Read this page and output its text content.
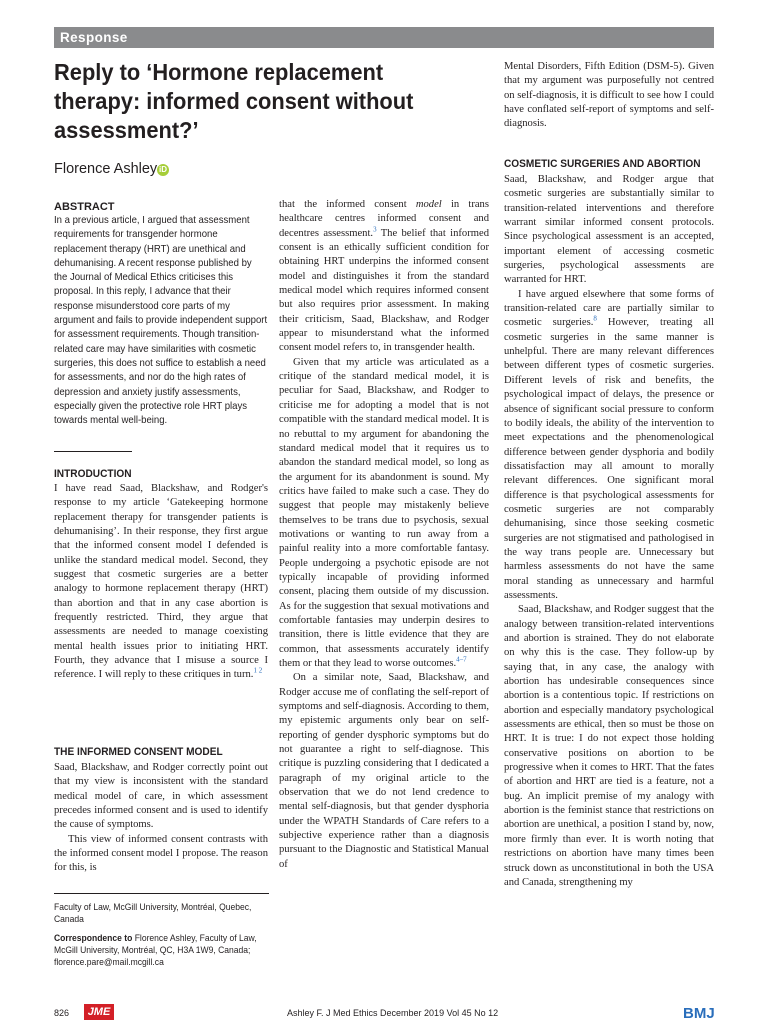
Response
Reply to ‘Hormone replacement therapy: informed consent without assessment?’
Florence Ashley iD
ABSTRACT

In a previous article, I argued that assessment requirements for transgender hormone replacement therapy (HRT) are unethical and dehumanising. A recent response published by the Journal of Medical Ethics criticises this proposal. In this reply, I advance that their response misunderstood core parts of my argument and fails to provide independent support for assessment requirements. Though transition-related care may have similarities with cosmetic surgeries, this does not suffice to establish a need for assessments, and nor do the high rates of depression and anxiety justify assessments, especially given the protective role HRT plays towards mental well-being.

INTRODUCTION

I have read Saad, Blackshaw, and Rodger's response to my article ‘Gatekeeping hormone replacement therapy for transgender patients is dehumanising’. In their response, they first argue that the informed consent model I defended is unlike the standard medical model. Second, they suggest that cosmetic surgeries are a better analogy to hormone replacement therapy (HRT) than abortion and that in any case abortion is frequently restricted. Third, they argue that assessments are needed to manage coexisting mental health issues prior to initiating HRT. Fourth, they advance that I misuse a source I reference. I will reply to these critiques in turn.$^{1 2}$

THE INFORMED CONSENT MODEL

Saad, Blackshaw, and Rodger correctly point out that my view is inconsistent with the standard medical model of care, in which assessment precedes informed consent and is used to identify the cause of symptoms.

This view of informed consent contrasts with the informed consent model I propose. The reason for this, is

Faculty of Law, McGill University, Montréal, Quebec, Canada

Correspondence to Florence Ashley, Faculty of Law, McGill University, Montréal, QC, H3A 1W9, Canada; florence.pare@mail.mcgill.ca

that the informed consent model in trans healthcare centres informed consent and decentres assessment.$^3$ The belief that informed consent is an ethically sufficient condition for obtaining HRT underpins the informed consent model and distinguishes it from the standard medical model which requires informed consent but also requires prior assessment. In making their criticism, Saad, Blackshaw, and Rodger appear to misunderstand what the informed consent model refers to, in transgender health.

Given that my article was articulated as a critique of the standard medical model, it is peculiar for Saad, Blackshaw, and Rodger to criticise me for adopting a model that is not compatible with the standard medical model. It is no rebuttal to my argument for abandoning the standard medical model that it requires us to abandon the standard medical model, so long as the argument for its abandonment is sound. My critics have failed to make such a case. They do suggest that people may mistakenly believe themselves to be trans due to psychosis, sexual motivations or wanting to run away from a painful reality into a more comfortable fantasy. People undergoing a psychotic episode are not typically incapable of providing informed consent, placing them outside of my discussion. As for the suggestion that sexual motivations and comfortable fantasies may underpin desires to transition, there is little evidence that they are common, that assessments accurately identify them or that they lead to worse outcomes.$^{4-7}$

On a similar note, Saad, Blackshaw, and Rodger accuse me of conflating the self-report of symptoms and self-diagnosis. According to them, my epistemic arguments only bear on self-reporting of gender dysphoric symptoms but do not guarantee a right to self-diagnose. This critique is puzzling considering that I dedicated a paragraph of my original article to the observation that we do not lend credence to mental self-diagnosis, but that gender dysphoria under the WPATH Standards of Care refers to a subjective experience rather than a diagnosis pursuant to the Diagnostic and Statistical Manual of

Mental Disorders, Fifth Edition (DSM-5). Given that my argument was purposefully not centred on self-diagnosis, it is difficult to see how I could have conflated self-report of symptoms and self-diagnosis.

COSMETIC SURGERIES AND ABORTION

Saad, Blackshaw, and Rodger argue that cosmetic surgeries are substantially similar to transition-related interventions and therefore warrant similar informed consent protocols. Since psychological assessment is an accepted, important element of accessing cosmetic surgeries, psychological assessments are warranted for HRT.

I have argued elsewhere that some forms of transition-related care are partially similar to cosmetic surgeries.$^8$ However, treating all cosmetic surgeries in the same manner is unhelpful. There are many relevant differences between different types of cosmetic surgeries. Different levels of risk and benefits, the psychological impact of delays, the presence or absence of significant social pressure to conform to bodily ideals, the ability of the intervention to meet expectations and the phenomenological difference between gender dysphoria and bodily dissatisfaction may all amount to morally relevant differences. One significant moral difference is that psychological assessments for cosmetic surgeries are not comparably dehumanising, since those seeking cosmetic surgeries are not stigmatised and pathologised in the way trans people are. Unnecessary but harmless assessments do not have the same moral standing as unnecessary and harmful assessments.

Saad, Blackshaw, and Rodger suggest that the analogy between transition-related interventions and abortion is strained. They do not elaborate on why this is the case. They follow-up by saying that, in any case, the analogy with abortion has undesirable consequences since abortion is a contentious topic. If restrictions on abortion and especially mandatory psychological assessments are ethical, then so must be those on HRT. It is true: I do not expect those holding conservative positions on abortion to be progressive when it comes to HRT. That the fates of abortion and HRT are tied is a feature, not a bug. An implicit premise of my analogy with abortion is the feminist stance that restrictions on abortion are unethical, a position I stand by, now, more firmly than ever. It is worth noting that restrictions on abortion have many times been struck down as unconstitutional in both the USA and Canada, strengthening my

826	JME	Ashley F. J Med Ethics December 2019 Vol 45 No 12	BMJ
